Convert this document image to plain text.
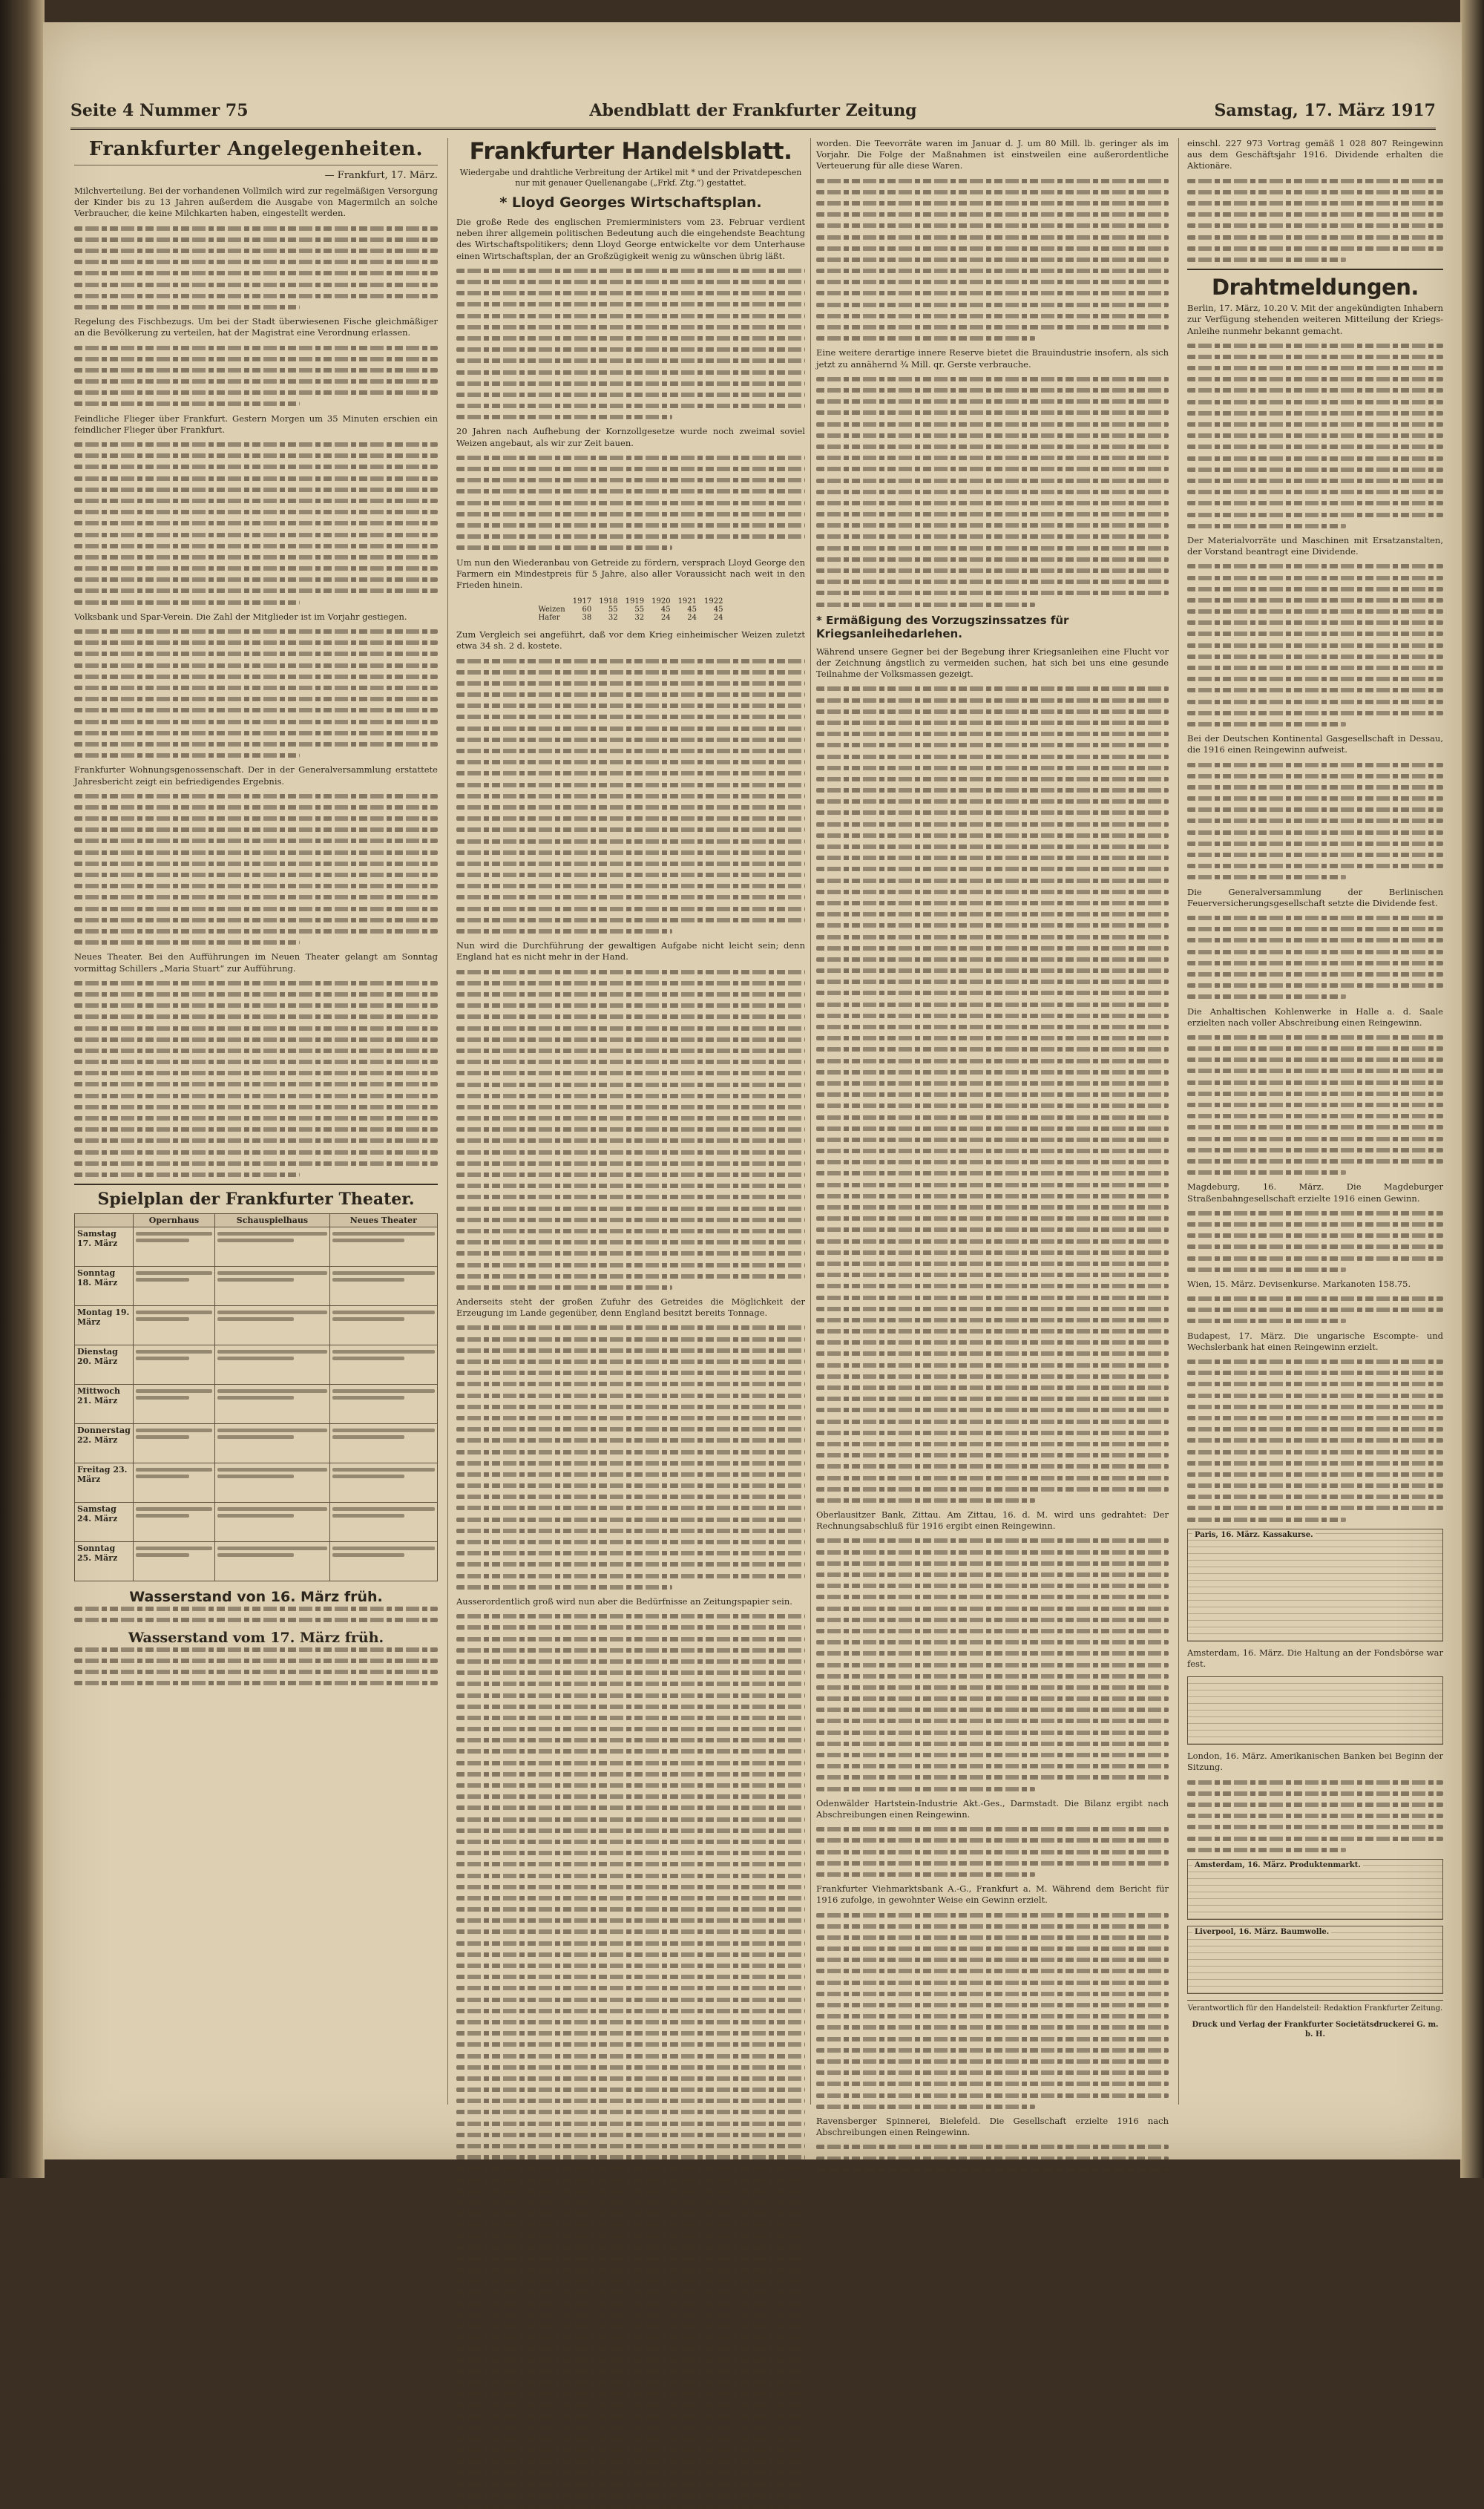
Seite 4 Nummer 75	Abendblatt der Frankfurter Zeitung	Samstag, 17. März 1917
Frankfurter Angelegenheiten.
— Frankfurt, 17. März.

Milchverteilung. Bei der vorhandenen Vollmilch wird zur regelmäßigen Versorgung der Kinder bis zu 13 Jahren außerdem die Ausgabe von Magermilch an solche Verbraucher, die keine Milchkarten haben, eingestellt werden.

Regelung des Fischbezugs. Um bei der Stadt überwiesenen Fische gleichmäßiger an die Bevölkerung zu verteilen, hat der Magistrat eine Verordnung erlassen.

Feindliche Flieger über Frankfurt. Gestern Morgen um 35 Minuten erschien ein feindlicher Flieger über Frankfurt.

Volksbank und Spar-Verein. Die Zahl der Mitglieder ist im Vorjahr gestiegen.

Frankfurter Wohnungsgenossenschaft. Der in der Generalversammlung erstattete Jahresbericht zeigt ein befriedigendes Ergebnis.

Neues Theater. Bei den Aufführungen im Neuen Theater gelangt am Sonntag vormittag Schillers „Maria Stuart“ zur Aufführung.

Spielplan der Frankfurter Theater.
	Opernhaus	Schauspielhaus	Neues Theater
Samstag 17. März	

Sonntag 18. März	

Montag 19. März	

Dienstag 20. März	

Mittwoch 21. März	

Donnerstag 22. März	

Freitag 23. März	

Samstag 24. März	

Sonntag 25. März	

Wasserstand von 16. März früh.
Wasserstand vom 17. März früh.
Frankfurter Handelsblatt.
Wiedergabe und drahtliche Verbreitung der Artikel mit * und der Privatdepeschen nur mit genauer Quellenangabe („Frkf. Ztg.“) gestattet.
* Lloyd Georges Wirtschaftsplan.

Die große Rede des englischen Premierministers vom 23. Februar verdient neben ihrer allgemein politischen Bedeutung auch die eingehendste Beachtung des Wirtschaftspolitikers; denn Lloyd George entwickelte vor dem Unterhause einen Wirtschaftsplan, der an Großzügigkeit wenig zu wünschen übrig läßt.

20 Jahren nach Aufhebung der Kornzollgesetze wurde noch zweimal soviel Weizen angebaut, als wir zur Zeit bauen.

Um nun den Wiederanbau von Getreide zu fördern, versprach Lloyd George den Farmern ein Mindestpreis für 5 Jahre, also aller Voraussicht nach weit in den Frieden hinein.

	1917	1918	1919	1920	1921	1922
Weizen	60	55	55	45	45	45
Hafer	38	32	32	24	24	24

Zum Vergleich sei angeführt, daß vor dem Krieg einheimischer Weizen zuletzt etwa 34 sh. 2 d. kostete.

Nun wird die Durchführung der gewaltigen Aufgabe nicht leicht sein; denn England hat es nicht mehr in der Hand.

Anderseits steht der großen Zufuhr des Getreides die Möglichkeit der Erzeugung im Lande gegenüber, denn England besitzt bereits Tonnage.

Ausserordentlich groß wird nun aber die Bedürfnisse an Zeitungspapier sein.

worden. Die Teevorräte waren im Januar d. J. um 80 Mill. lb. geringer als im Vorjahr. Die Folge der Maßnahmen ist einstweilen eine außerordentliche Verteuerung für alle diese Waren.

Eine weitere derartige innere Reserve bietet die Brauindustrie insofern, als sich jetzt zu annähernd ¾ Mill. qr. Gerste verbrauche.

* Ermäßigung des Vorzugszinssatzes für Kriegsanleihedarlehen.

Während unsere Gegner bei der Begebung ihrer Kriegsanleihen eine Flucht vor der Zeichnung ängstlich zu vermeiden suchen, hat sich bei uns eine gesunde Teilnahme der Volksmassen gezeigt.

Oberlausitzer Bank, Zittau. Am Zittau, 16. d. M. wird uns gedrahtet: Der Rechnungsabschluß für 1916 ergibt einen Reingewinn.

Odenwälder Hartstein-Industrie Akt.-Ges., Darmstadt. Die Bilanz ergibt nach Abschreibungen einen Reingewinn.

Frankfurter Viehmarktsbank A.-G., Frankfurt a. M. Während dem Bericht für 1916 zufolge, in gewohnter Weise ein Gewinn erzielt.

Ravensberger Spinnerei, Bielefeld. Die Gesellschaft erzielte 1916 nach Abschreibungen einen Reingewinn.

einschl. 227 973 Vortrag gemäß 1 028 807 Reingewinn aus dem Geschäftsjahr 1916. Dividende erhalten die Aktionäre.

Drahtmeldungen.

Berlin, 17. März, 10.20 V. Mit der angekündigten Inhabern zur Verfügung stehenden weiteren Mitteilung der Kriegs-Anleihe nunmehr bekannt gemacht.

Der Materialvorräte und Maschinen mit Ersatzanstalten, der Vorstand beantragt eine Dividende.

Bei der Deutschen Kontinental Gasgesellschaft in Dessau, die 1916 einen Reingewinn aufweist.

Die Generalversammlung der Berlinischen Feuerversicherungsgesellschaft setzte die Dividende fest.

Die Anhaltischen Kohlenwerke in Halle a. d. Saale erzielten nach voller Abschreibung einen Reingewinn.

Magdeburg, 16. März. Die Magdeburger Straßenbahngesellschaft erzielte 1916 einen Gewinn.

Wien, 15. März. Devisenkurse. Markanoten 158.75.

Budapest, 17. März. Die ungarische Escompte- und Wechslerbank hat einen Reingewinn erzielt.

Paris, 16. März. Kassakurse.

Amsterdam, 16. März. Die Haltung an der Fondsbörse war fest.

London, 16. März. Amerikanischen Banken bei Beginn der Sitzung.

Amsterdam, 16. März. Produktenmarkt.
Liverpool, 16. März. Baumwolle.

Verantwortlich für den Handelsteil: Redaktion Frankfurter Zeitung.

Druck und Verlag der Frankfurter Societätsdruckerei G. m. b. H.
